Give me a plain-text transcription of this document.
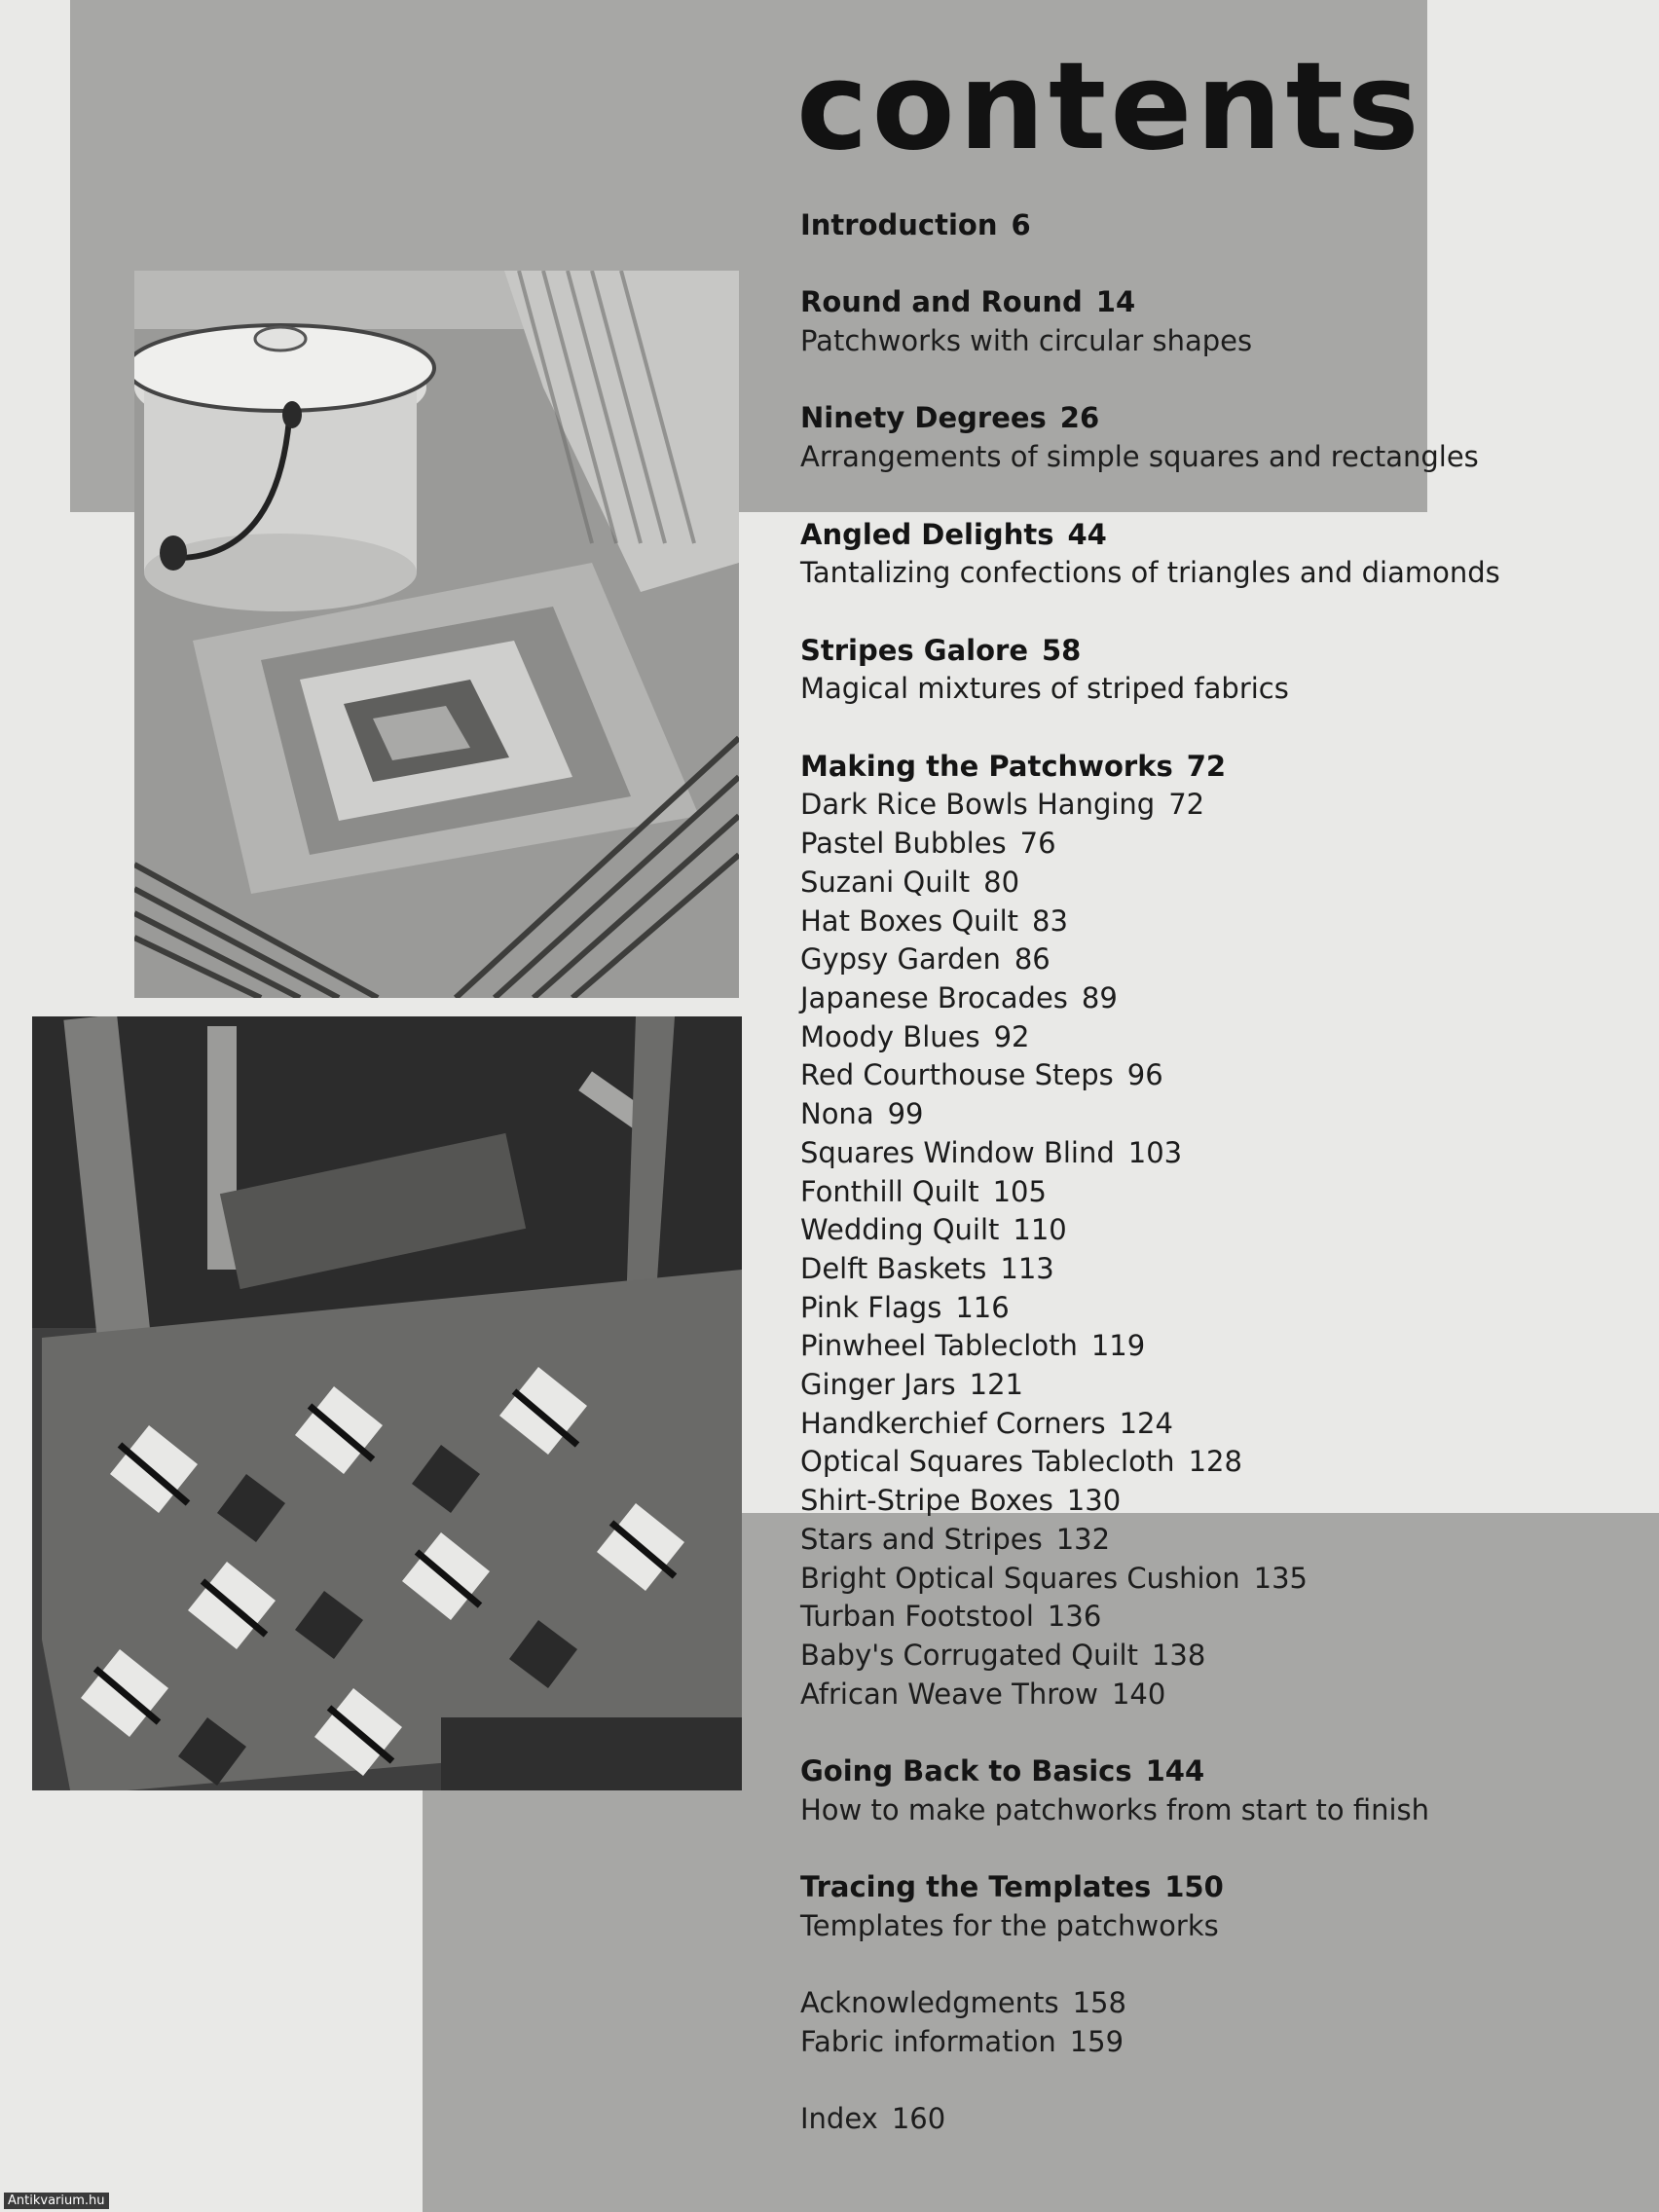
contents
Introduction 6
Round and Round 14
Patchworks with circular shapes
Ninety Degrees 26
Arrangements of simple squares and rectangles
Angled Delights 44
Tantalizing confections of triangles and diamonds
Stripes Galore 58
Magical mixtures of striped fabrics
Making the Patchworks 72
Dark Rice Bowls Hanging 72
Pastel Bubbles 76
Suzani Quilt 80
Hat Boxes Quilt 83
Gypsy Garden 86
Japanese Brocades 89
Moody Blues 92
Red Courthouse Steps 96
Nona 99
Squares Window Blind 103
Fonthill Quilt 105
Wedding Quilt 110
Delft Baskets 113
Pink Flags 116
Pinwheel Tablecloth 119
Ginger Jars 121
Handkerchief Corners 124
Optical Squares Tablecloth 128
Shirt-Stripe Boxes 130
Stars and Stripes 132
Bright Optical Squares Cushion 135
Turban Footstool 136
Baby's Corrugated Quilt 138
African Weave Throw 140
Going Back to Basics 144
How to make patchworks from start to finish
Tracing the Templates 150
Templates for the patchworks
Acknowledgments 158
Fabric information 159
Index 160
Antikvarium.hu
